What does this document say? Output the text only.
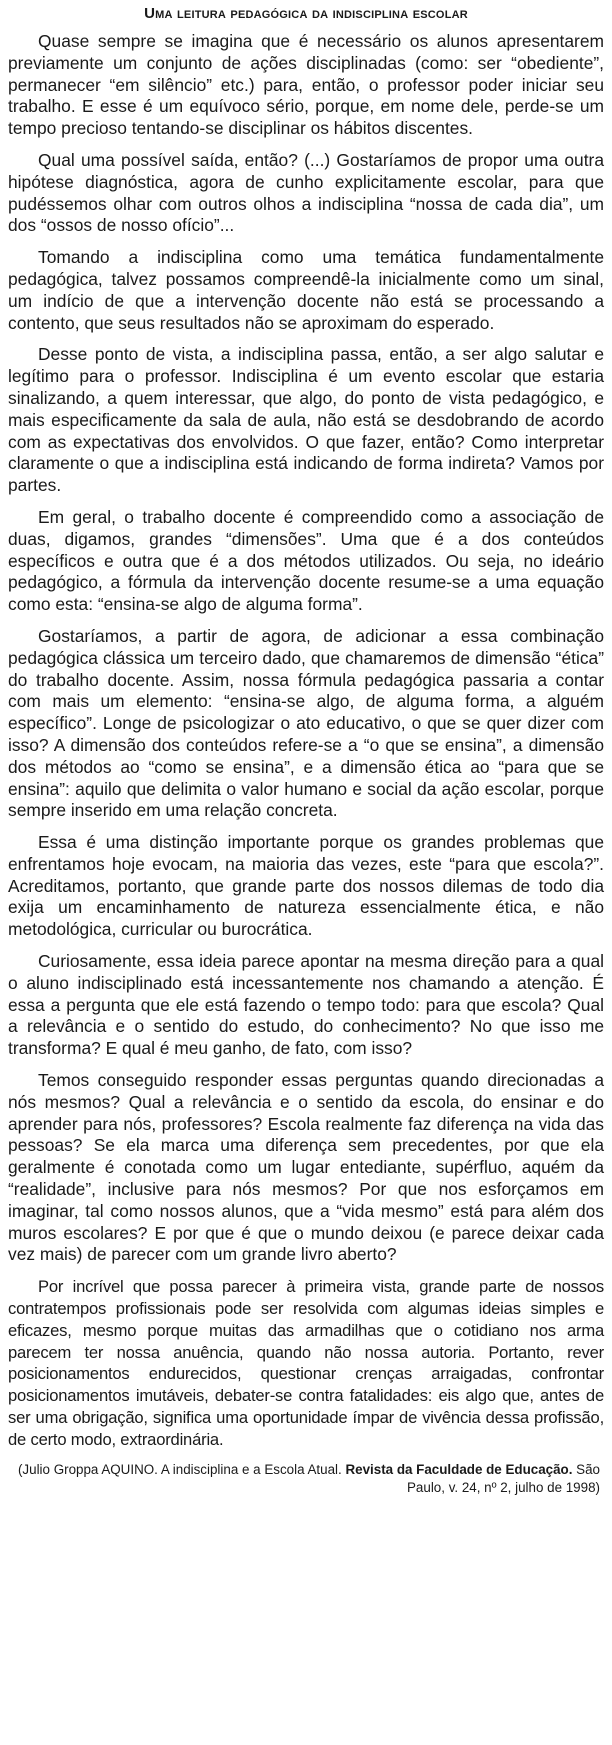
Uma leitura pedagógica da indisciplina escolar

Quase sempre se imagina que é necessário os alunos apresentarem previamente um conjunto de ações disciplinadas (como: ser “obediente”, permanecer “em silêncio” etc.) para, então, o professor poder iniciar seu trabalho. E esse é um equívoco sério, porque, em nome dele, perde-se um tempo precioso tentando-se disciplinar os hábitos discentes.

Qual uma possível saída, então? (...) Gostaríamos de propor uma outra hipótese diagnóstica, agora de cunho explicitamente escolar, para que pudéssemos olhar com outros olhos a indisciplina “nossa de cada dia”, um dos “ossos de nosso ofício”...

Tomando a indisciplina como uma temática fundamentalmente pedagógica, talvez possamos compreendê-la inicialmente como um sinal, um indício de que a intervenção docente não está se processando a contento, que seus resultados não se aproximam do esperado.

Desse ponto de vista, a indisciplina passa, então, a ser algo salutar e legítimo para o professor. Indisciplina é um evento escolar que estaria sinalizando, a quem interessar, que algo, do ponto de vista pedagógico, e mais especificamente da sala de aula, não está se desdobrando de acordo com as expectativas dos envolvidos. O que fazer, então? Como interpretar claramente o que a indisciplina está indicando de forma indireta? Vamos por partes.

Em geral, o trabalho docente é compreendido como a associação de duas, digamos, grandes “dimensões”. Uma que é a dos conteúdos específicos e outra que é a dos métodos utilizados. Ou seja, no ideário pedagógico, a fórmula da intervenção docente resume-se a uma equação como esta: “ensina-se algo de alguma forma”.

Gostaríamos, a partir de agora, de adicionar a essa combinação pedagógica clássica um terceiro dado, que chamaremos de dimensão “ética” do trabalho docente. Assim, nossa fórmula pedagógica passaria a contar com mais um elemento: “ensina-se algo, de alguma forma, a alguém específico”. Longe de psicologizar o ato educativo, o que se quer dizer com isso? A dimensão dos conteúdos refere-se a “o que se ensina”, a dimensão dos métodos ao “como se ensina”, e a dimensão ética ao “para que se ensina”: aquilo que delimita o valor humano e social da ação escolar, porque sempre inserido em uma relação concreta.

Essa é uma distinção importante porque os grandes problemas que enfrentamos hoje evocam, na maioria das vezes, este “para que escola?”. Acreditamos, portanto, que grande parte dos nossos dilemas de todo dia exija um encaminhamento de natureza essencialmente ética, e não metodológica, curricular ou burocrática.

Curiosamente, essa ideia parece apontar na mesma direção para a qual o aluno indisciplinado está incessantemente nos chamando a atenção. É essa a pergunta que ele está fazendo o tempo todo: para que escola? Qual a relevância e o sentido do estudo, do conhecimento? No que isso me transforma? E qual é meu ganho, de fato, com isso?

Temos conseguido responder essas perguntas quando direcionadas a nós mesmos? Qual a relevância e o sentido da escola, do ensinar e do aprender para nós, professores? Escola realmente faz diferença na vida das pessoas? Se ela marca uma diferença sem precedentes, por que ela geralmente é conotada como um lugar entediante, supérfluo, aquém da “realidade”, inclusive para nós mesmos? Por que nos esforçamos em imaginar, tal como nossos alunos, que a “vida mesmo” está para além dos muros escolares? E por que é que o mundo deixou (e parece deixar cada vez mais) de parecer com um grande livro aberto?

Por incrível que possa parecer à primeira vista, grande parte de nossos contratempos profissionais pode ser resolvida com algumas ideias simples e eficazes, mesmo porque muitas das armadilhas que o cotidiano nos arma parecem ter nossa anuência, quando não nossa autoria. Portanto, rever posicionamentos endurecidos, questionar crenças arraigadas, confrontar posicionamentos imutáveis, debater-se contra fatalidades: eis algo que, antes de ser uma obrigação, significa uma oportunidade ímpar de vivência dessa profissão, de certo modo, extraordinária.

(Julio Groppa AQUINO. A indisciplina e a Escola Atual. Revista da Faculdade de Educação. São Paulo, v. 24, nº 2, julho de 1998)
